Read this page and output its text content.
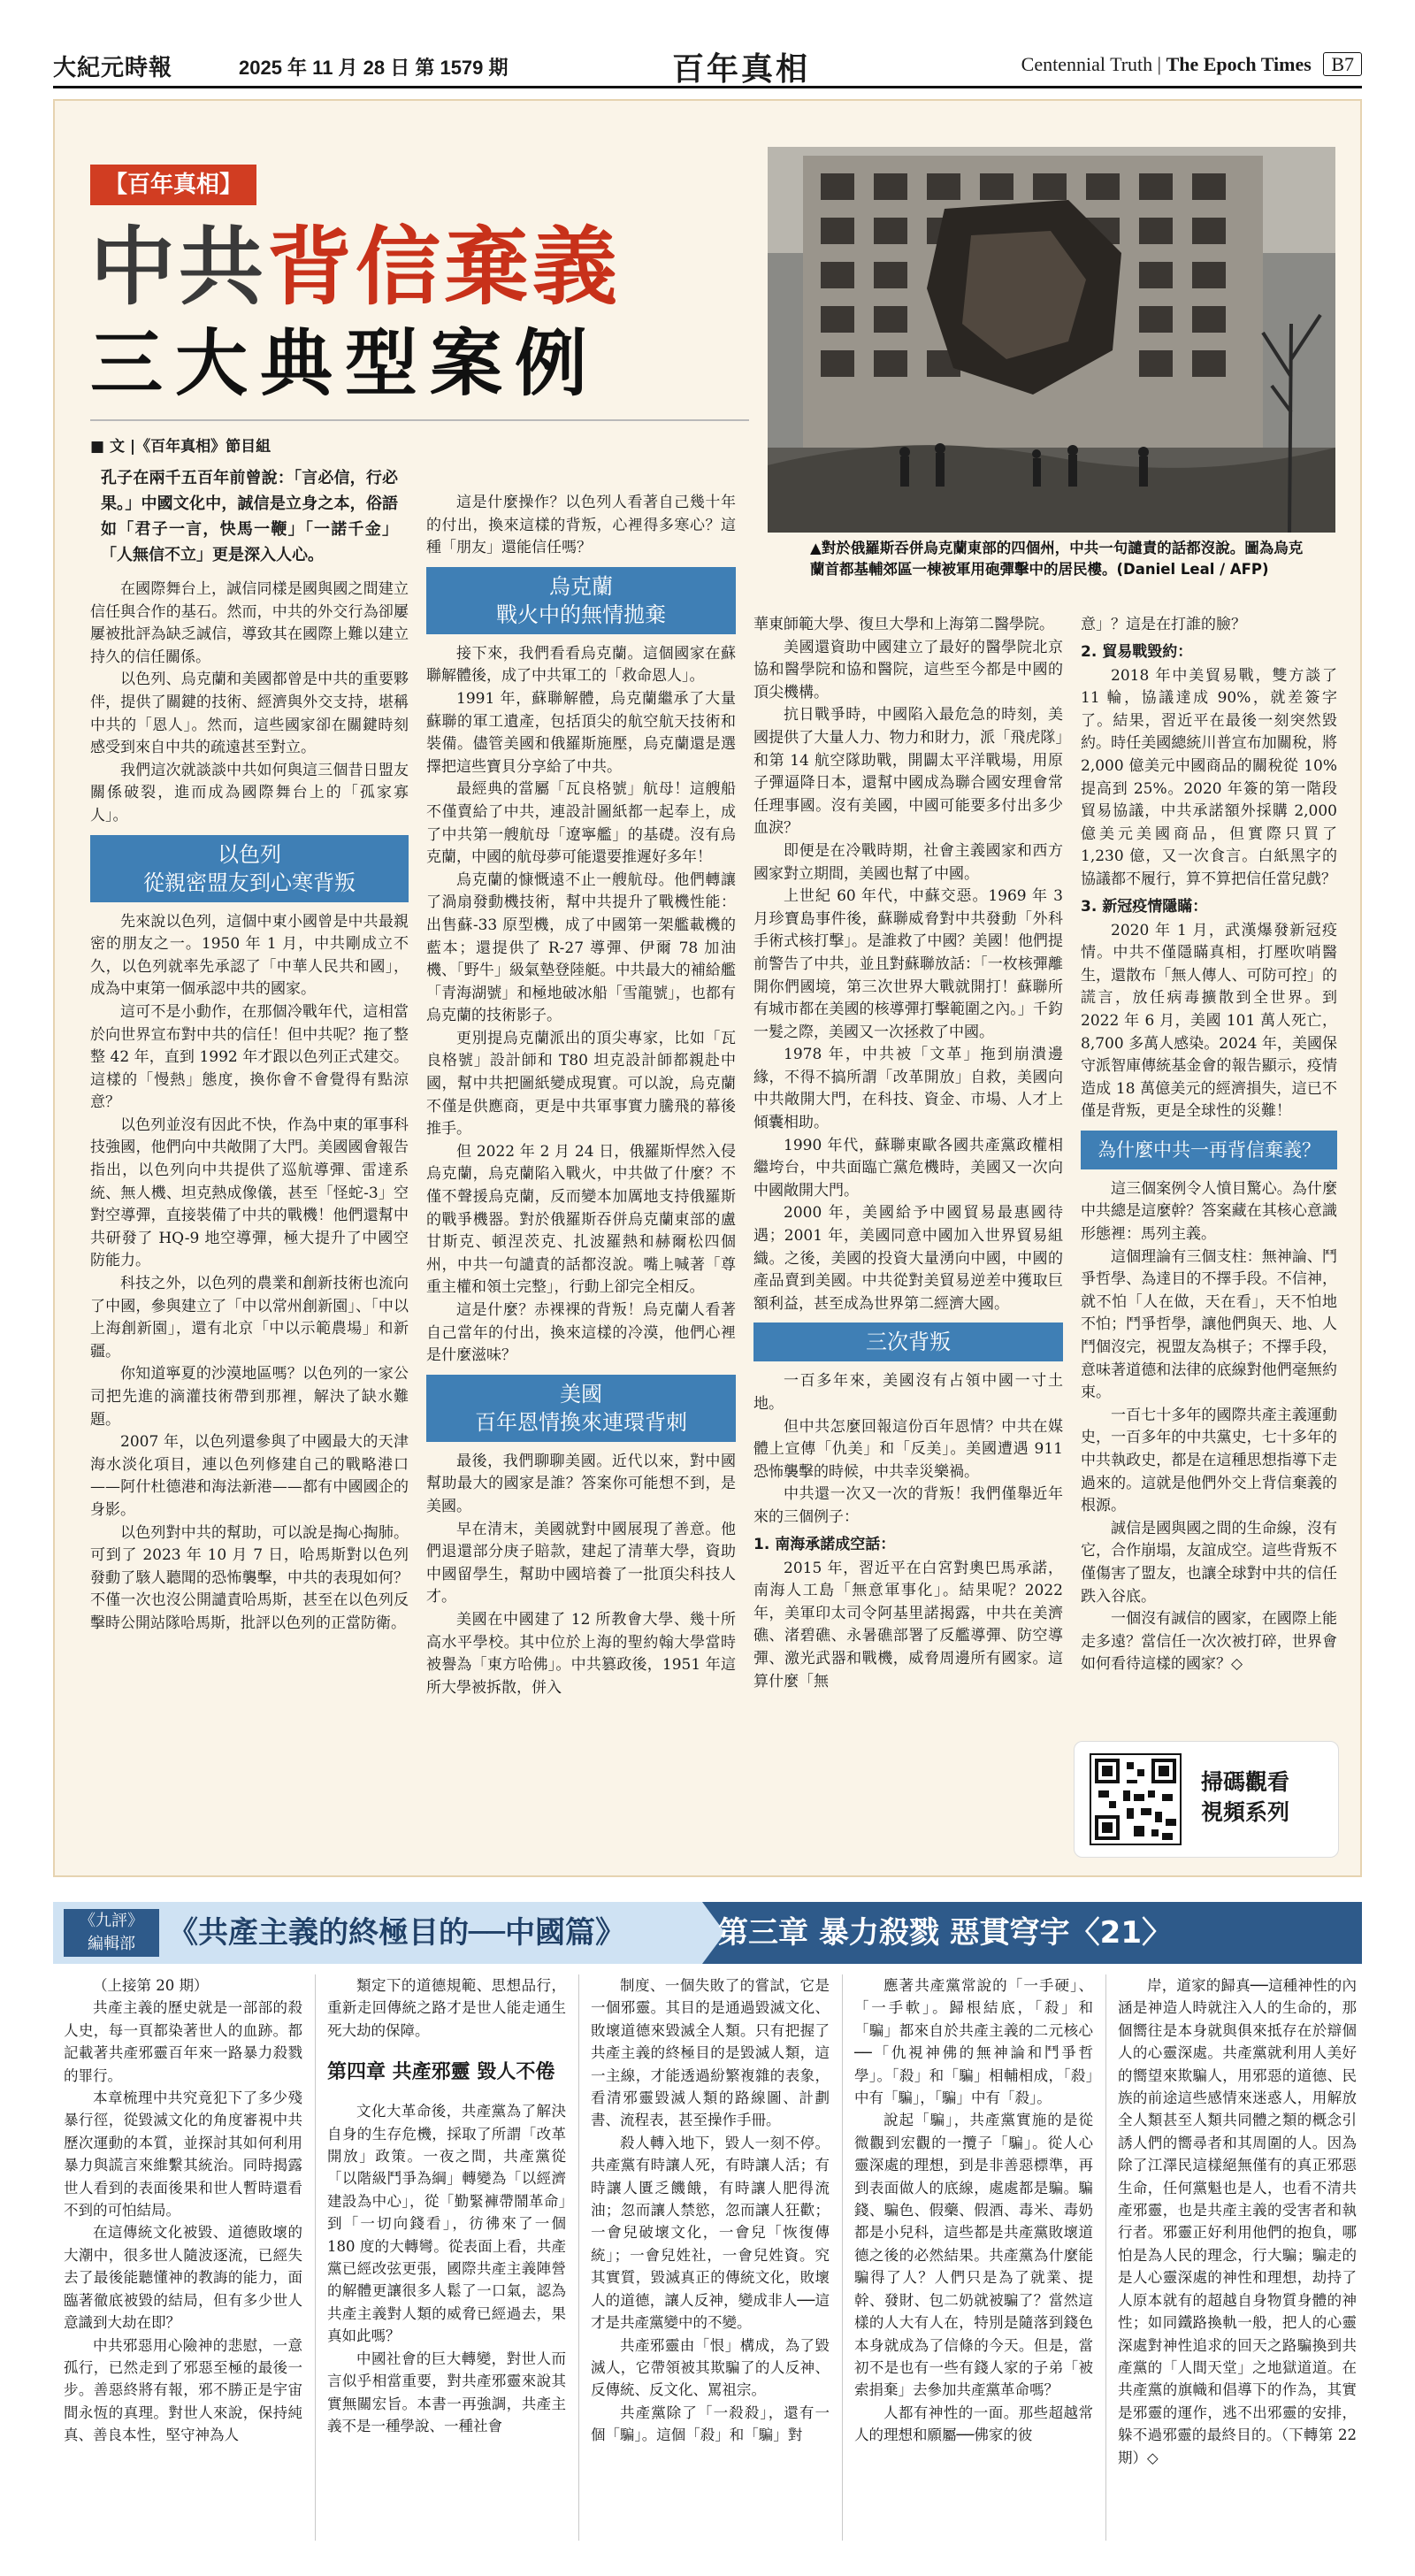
大紀元時報	2025 年 11 月 28 日 第 1579 期	百年真相	Centennial Truth | The Epoch Times B7
【百年真相】
中共背信棄義
三大典型案例
▲對於俄羅斯吞併烏克蘭東部的四個州，中共一句譴責的話都沒說。圖為烏克蘭首都基輔郊區一棟被軍用砲彈擊中的居民樓。(Daniel Leal / AFP)
■ 文 |《百年真相》節目組
孔子在兩千五百年前曾說：「言必信，行必果。」中國文化中，誠信是立身之本，俗語如「君子一言，快馬一鞭」「一諾千金」「人無信不立」更是深入人心。

在國際舞台上，誠信同樣是國與國之間建立信任與合作的基石。然而，中共的外交行為卻屢屢被批評為缺乏誠信，導致其在國際上難以建立持久的信任關係。

以色列、烏克蘭和美國都曾是中共的重要夥伴，提供了關鍵的技術、經濟與外交支持，堪稱中共的「恩人」。然而，這些國家卻在關鍵時刻感受到來自中共的疏遠甚至對立。

我們這次就談談中共如何與這三個昔日盟友關係破裂，進而成為國際舞台上的「孤家寡人」。

以色列
從親密盟友到心寒背叛

先來說以色列，這個中東小國曾是中共最親密的朋友之一。1950 年 1 月，中共剛成立不久，以色列就率先承認了「中華人民共和國」，成為中東第一個承認中共的國家。

這可不是小動作，在那個冷戰年代，這相當於向世界宣布對中共的信任！但中共呢？拖了整整 42 年，直到 1992 年才跟以色列正式建交。這樣的「慢熱」態度，換你會不會覺得有點涼意？

以色列並沒有因此不快，作為中東的軍事科技強國，他們向中共敞開了大門。美國國會報告指出，以色列向中共提供了巡航導彈、雷達系統、無人機、坦克熱成像儀，甚至「怪蛇-3」空對空導彈，直接裝備了中共的戰機！他們還幫中共研發了 HQ-9 地空導彈，極大提升了中國空防能力。

科技之外，以色列的農業和創新技術也流向了中國，參與建立了「中以常州創新園」、「中以上海創新園」，還有北京「中以示範農場」和新疆。

你知道寧夏的沙漠地區嗎？以色列的一家公司把先進的滴灌技術帶到那裡，解決了缺水難題。

2007 年，以色列還參與了中國最大的天津海水淡化項目，連以色列修建自己的戰略港口——阿什杜德港和海法新港——都有中國國企的身影。

以色列對中共的幫助，可以說是掏心掏肺。可到了 2023 年 10 月 7 日，哈馬斯對以色列發動了駭人聽聞的恐怖襲擊，中共的表現如何？不僅一次也沒公開譴責哈馬斯，甚至在以色列反擊時公開站隊哈馬斯，批評以色列的正當防衛。

這是什麼操作？以色列人看著自己幾十年的付出，換來這樣的背叛，心裡得多寒心？這種「朋友」還能信任嗎？

烏克蘭
戰火中的無情拋棄

接下來，我們看看烏克蘭。這個國家在蘇聯解體後，成了中共軍工的「救命恩人」。

1991 年，蘇聯解體，烏克蘭繼承了大量蘇聯的軍工遺產，包括頂尖的航空航天技術和裝備。儘管美國和俄羅斯施壓，烏克蘭還是選擇把這些寶貝分享給了中共。

最經典的當屬「瓦良格號」航母！這艘船不僅賣給了中共，連設計圖紙都一起奉上，成了中共第一艘航母「遼寧艦」的基礎。沒有烏克蘭，中國的航母夢可能還要推遲好多年！

烏克蘭的慷慨遠不止一艘航母。他們轉讓了渦扇發動機技術，幫中共提升了戰機性能：出售蘇-33 原型機，成了中國第一架艦載機的藍本；還提供了 R-27 導彈、伊爾 78 加油機、「野牛」級氣墊登陸艇。中共最大的補給艦「青海湖號」和極地破冰船「雪龍號」，也都有烏克蘭的技術影子。

更別提烏克蘭派出的頂尖專家，比如「瓦良格號」設計師和 T80 坦克設計師都親赴中國，幫中共把圖紙變成現實。可以說，烏克蘭不僅是供應商，更是中共軍事實力騰飛的幕後推手。

但 2022 年 2 月 24 日，俄羅斯悍然入侵烏克蘭，烏克蘭陷入戰火，中共做了什麼？不僅不聲援烏克蘭，反而變本加厲地支持俄羅斯的戰爭機器。對於俄羅斯吞併烏克蘭東部的盧甘斯克、頓涅茨克、扎波羅熱和赫爾松四個州，中共一句譴責的話都沒說。嘴上喊著「尊重主權和領土完整」，行動上卻完全相反。

這是什麼？赤裸裸的背叛！烏克蘭人看著自己當年的付出，換來這樣的冷漠，他們心裡是什麼滋味？

美國
百年恩情換來連環背刺

最後，我們聊聊美國。近代以來，對中國幫助最大的國家是誰？答案你可能想不到，是美國。

早在清末，美國就對中國展現了善意。他們退還部分庚子賠款，建起了清華大學，資助中國留學生，幫助中國培養了一批頂尖科技人才。

美國在中國建了 12 所教會大學、幾十所高水平學校。其中位於上海的聖約翰大學當時被譽為「東方哈佛」。中共篡政後，1951 年這所大學被拆散，併入

華東師範大學、復旦大學和上海第二醫學院。

美國還資助中國建立了最好的醫學院北京協和醫學院和協和醫院，這些至今都是中國的頂尖機構。

抗日戰爭時，中國陷入最危急的時刻，美國提供了大量人力、物力和財力，派「飛虎隊」和第 14 航空隊助戰，開闢太平洋戰場，用原子彈逼降日本，還幫中國成為聯合國安理會常任理事國。沒有美國，中國可能要多付出多少血淚？

即便是在冷戰時期，社會主義國家和西方國家對立期間，美國也幫了中國。

上世紀 60 年代，中蘇交惡。1969 年 3 月珍寶島事件後，蘇聯威脅對中共發動「外科手術式核打擊」。是誰救了中國？美國！他們提前警告了中共，並且對蘇聯放話：「一枚核彈離開你們國境，第三次世界大戰就開打！蘇聯所有城市都在美國的核導彈打擊範圍之內。」千鈞一髮之際，美國又一次拯救了中國。

1978 年，中共被「文革」拖到崩潰邊緣，不得不搞所謂「改革開放」自救，美國向中共敞開大門，在科技、資金、市場、人才上傾囊相助。

1990 年代，蘇聯東歐各國共產黨政權相繼垮台，中共面臨亡黨危機時，美國又一次向中國敞開大門。

2000 年，美國給予中國貿易最惠國待遇；2001 年，美國同意中國加入世界貿易組織。之後，美國的投資大量湧向中國，中國的產品賣到美國。中共從對美貿易逆差中獲取巨額利益，甚至成為世界第二經濟大國。

三次背叛

一百多年來，美國沒有占領中國一寸土地。

但中共怎麼回報這份百年恩情？中共在媒體上宣傳「仇美」和「反美」。美國遭遇 911 恐怖襲擊的時候，中共幸災樂禍。

中共還一次又一次的背叛！我們僅舉近年來的三個例子：

1. 南海承諾成空話：

2015 年，習近平在白宮對奧巴馬承諾，南海人工島「無意軍事化」。結果呢？2022 年，美軍印太司令阿基里諾揭露，中共在美濟礁、渚碧礁、永暑礁部署了反艦導彈、防空導彈、激光武器和戰機，威脅周邊所有國家。這算什麼「無

意」？這是在打誰的臉？

2. 貿易戰毀約：

2018 年中美貿易戰，雙方談了 11 輪，協議達成 90%，就差簽字了。結果，習近平在最後一刻突然毀約。時任美國總統川普宣布加關稅，將 2,000 億美元中國商品的關稅從 10% 提高到 25%。2020 年簽的第一階段貿易協議，中共承諾額外採購 2,000 億美元美國商品，但實際只買了 1,230 億，又一次食言。白紙黑字的協議都不履行，算不算把信任當兒戲？

3. 新冠疫情隱瞞：

2020 年 1 月，武漢爆發新冠疫情。中共不僅隱瞞真相，打壓吹哨醫生，還散布「無人傳人、可防可控」的謊言，放任病毒擴散到全世界。到 2022 年 6 月，美國 101 萬人死亡，8,700 多萬人感染。2024 年，美國保守派智庫傳統基金會的報告顯示，疫情造成 18 萬億美元的經濟損失，這已不僅是背叛，更是全球性的災難！

為什麼中共一再背信棄義？

這三個案例令人憤目驚心。為什麼中共總是這麼幹？答案藏在其核心意識形態裡：馬列主義。

這個理論有三個支柱：無神論、鬥爭哲學、為達目的不擇手段。不信神，就不怕「人在做，天在看」，天不怕地不怕；鬥爭哲學，讓他們與天、地、人鬥個沒完，視盟友為棋子；不擇手段，意味著道德和法律的底線對他們毫無約束。

一百七十多年的國際共產主義運動史，一百多年的中共黨史，七十多年的中共執政史，都是在這種思想指導下走過來的。這就是他們外交上背信棄義的根源。

誠信是國與國之間的生命線，沒有它，合作崩塌，友誼成空。這些背叛不僅傷害了盟友，也讓全球對中共的信任跌入谷底。

一個沒有誠信的國家，在國際上能走多遠？當信任一次次被打碎，世界會如何看待這樣的國家？◇

掃碼觀看
視頻系列
《九評》
編輯部	《共產主義的終極目的──中國篇》	第三章 暴力殺戮 惡貫穹宇〈21〉

（上接第 20 期）

共產主義的歷史就是一部部的殺人史，每一頁都染著世人的血跡。都記載著共產邪靈百年來一路暴力殺戮的罪行。

本章梳理中共究竟犯下了多少殘暴行徑，從毀滅文化的角度審視中共歷次運動的本質，並探討其如何利用暴力與謊言來維繫其統治。同時揭露世人看到的表面後果和世人暫時還看不到的可怕結局。

在這傳統文化被毀、道德敗壞的大潮中，很多世人隨波逐流，已經失去了最後能聽懂神的教誨的能力，面臨著徹底被毀的結局，但有多少世人意識到大劫在即？

中共邪惡用心險神的悲慰，一意孤行，已然走到了邪惡至極的最後一步。善惡終將有報，邪不勝正是宇宙間永恆的真理。對世人來說，保持純真、善良本性，堅守神為人

類定下的道德規範、思想品行，重新走回傳統之路才是世人能走通生死大劫的保障。

第四章 共產邪靈 毀人不倦

文化大革命後，共產黨為了解決自身的生存危機，採取了所謂「改革開放」政策。一夜之間，共產黨從「以階級鬥爭為綱」轉變為「以經濟建設為中心」，從「勤緊褲帶鬧革命」到「一切向錢看」，彷彿來了一個 180 度的大轉彎。從表面上看，共產黨已經改弦更張，國際共產主義陣營的解體更讓很多人鬆了一口氣，認為共產主義對人類的威脅已經過去，果真如此嗎？

中國社會的巨大轉變，對世人而言似乎相當重要，對共產邪靈來說其實無關宏旨。本書一再強調，共產主義不是一種學說、一種社會

制度、一個失敗了的嘗試，它是一個邪靈。其目的是通過毀滅文化、敗壞道德來毀滅全人類。只有把握了共產主義的終極目的是毀滅人類，這一主線，才能透過紛繁複雜的表象，看清邪靈毀滅人類的路線圖、計劃書、流程表，甚至操作手冊。

殺人轉入地下，毀人一刻不停。共產黨有時讓人死，有時讓人活；有時讓人匱乏饑餓，有時讓人肥得流油；忽而讓人禁慾，忽而讓人狂歡；一會兒破壞文化，一會兒「恢復傳統」；一會兒姓社，一會兒姓資。究其實質，毀滅真正的傳統文化，敗壞人的道德，讓人反神，變成非人──這才是共產黨變中的不變。

共產邪靈由「恨」構成，為了毀滅人，它帶領被其欺騙了的人反神、反傳統、反文化、罵祖宗。

共產黨除了「一殺殺」，還有一個「騙」。這個「殺」和「騙」對

應著共產黨常說的「一手硬」、「一手軟」。歸根結底，「殺」和「騙」都來自於共產主義的二元核心──「仇視神佛的無神論和鬥爭哲學」。「殺」和「騙」相輔相成，「殺」中有「騙」，「騙」中有「殺」。

說起「騙」，共產黨實施的是從微觀到宏觀的一攬子「騙」。從人心靈深處的理想，到是非善惡標準，再到表面做人的底線，處處都是騙。騙錢、騙色、假藥、假酒、毒米、毒奶都是小兒科，這些都是共產黨敗壞道德之後的必然結果。共產黨為什麼能騙得了人？人們只是為了就業、提幹、發財、包二奶就被騙了？當然這樣的人大有人在，特別是隨落到錢色本身就成為了信條的今天。但是，當初不是也有一些有錢人家的子弟「被索捐棄」去參加共產黨革命嗎？

人都有神性的一面。那些超越常人的理想和願屬──佛家的彼

岸，道家的歸真──這種神性的內涵是神造人時就注入人的生命的，那個嚮往是本身就與俱來抵存在於辯個人的心靈深處。共產黨就利用人美好的嚮望來欺騙人，用邪惡的道德、民族的前途這些感情來迷惑人，用解放全人類甚至人類共同體之類的概念引誘人們的嚮尋者和其周圍的人。因為除了江澤民這樣絕無僅有的真正邪惡生命，任何黨魁也是人，也看不清共產邪靈，也是共產主義的受害者和執行者。邪靈正好利用他們的抱負，哪怕是為人民的理念，行大騙；騙走的是人心靈深處的神性和理想，劫持了人原本就有的超越自身物質身體的神性；如同鐵路換軌一般，把人的心靈深處對神性追求的回天之路騙換到共產黨的「人間天堂」之地獄道道。在共產黨的旗幟和倡導下的作為，其實是邪靈的運作，逃不出邪靈的安排，躲不過邪靈的最終目的。（下轉第 22 期）◇
